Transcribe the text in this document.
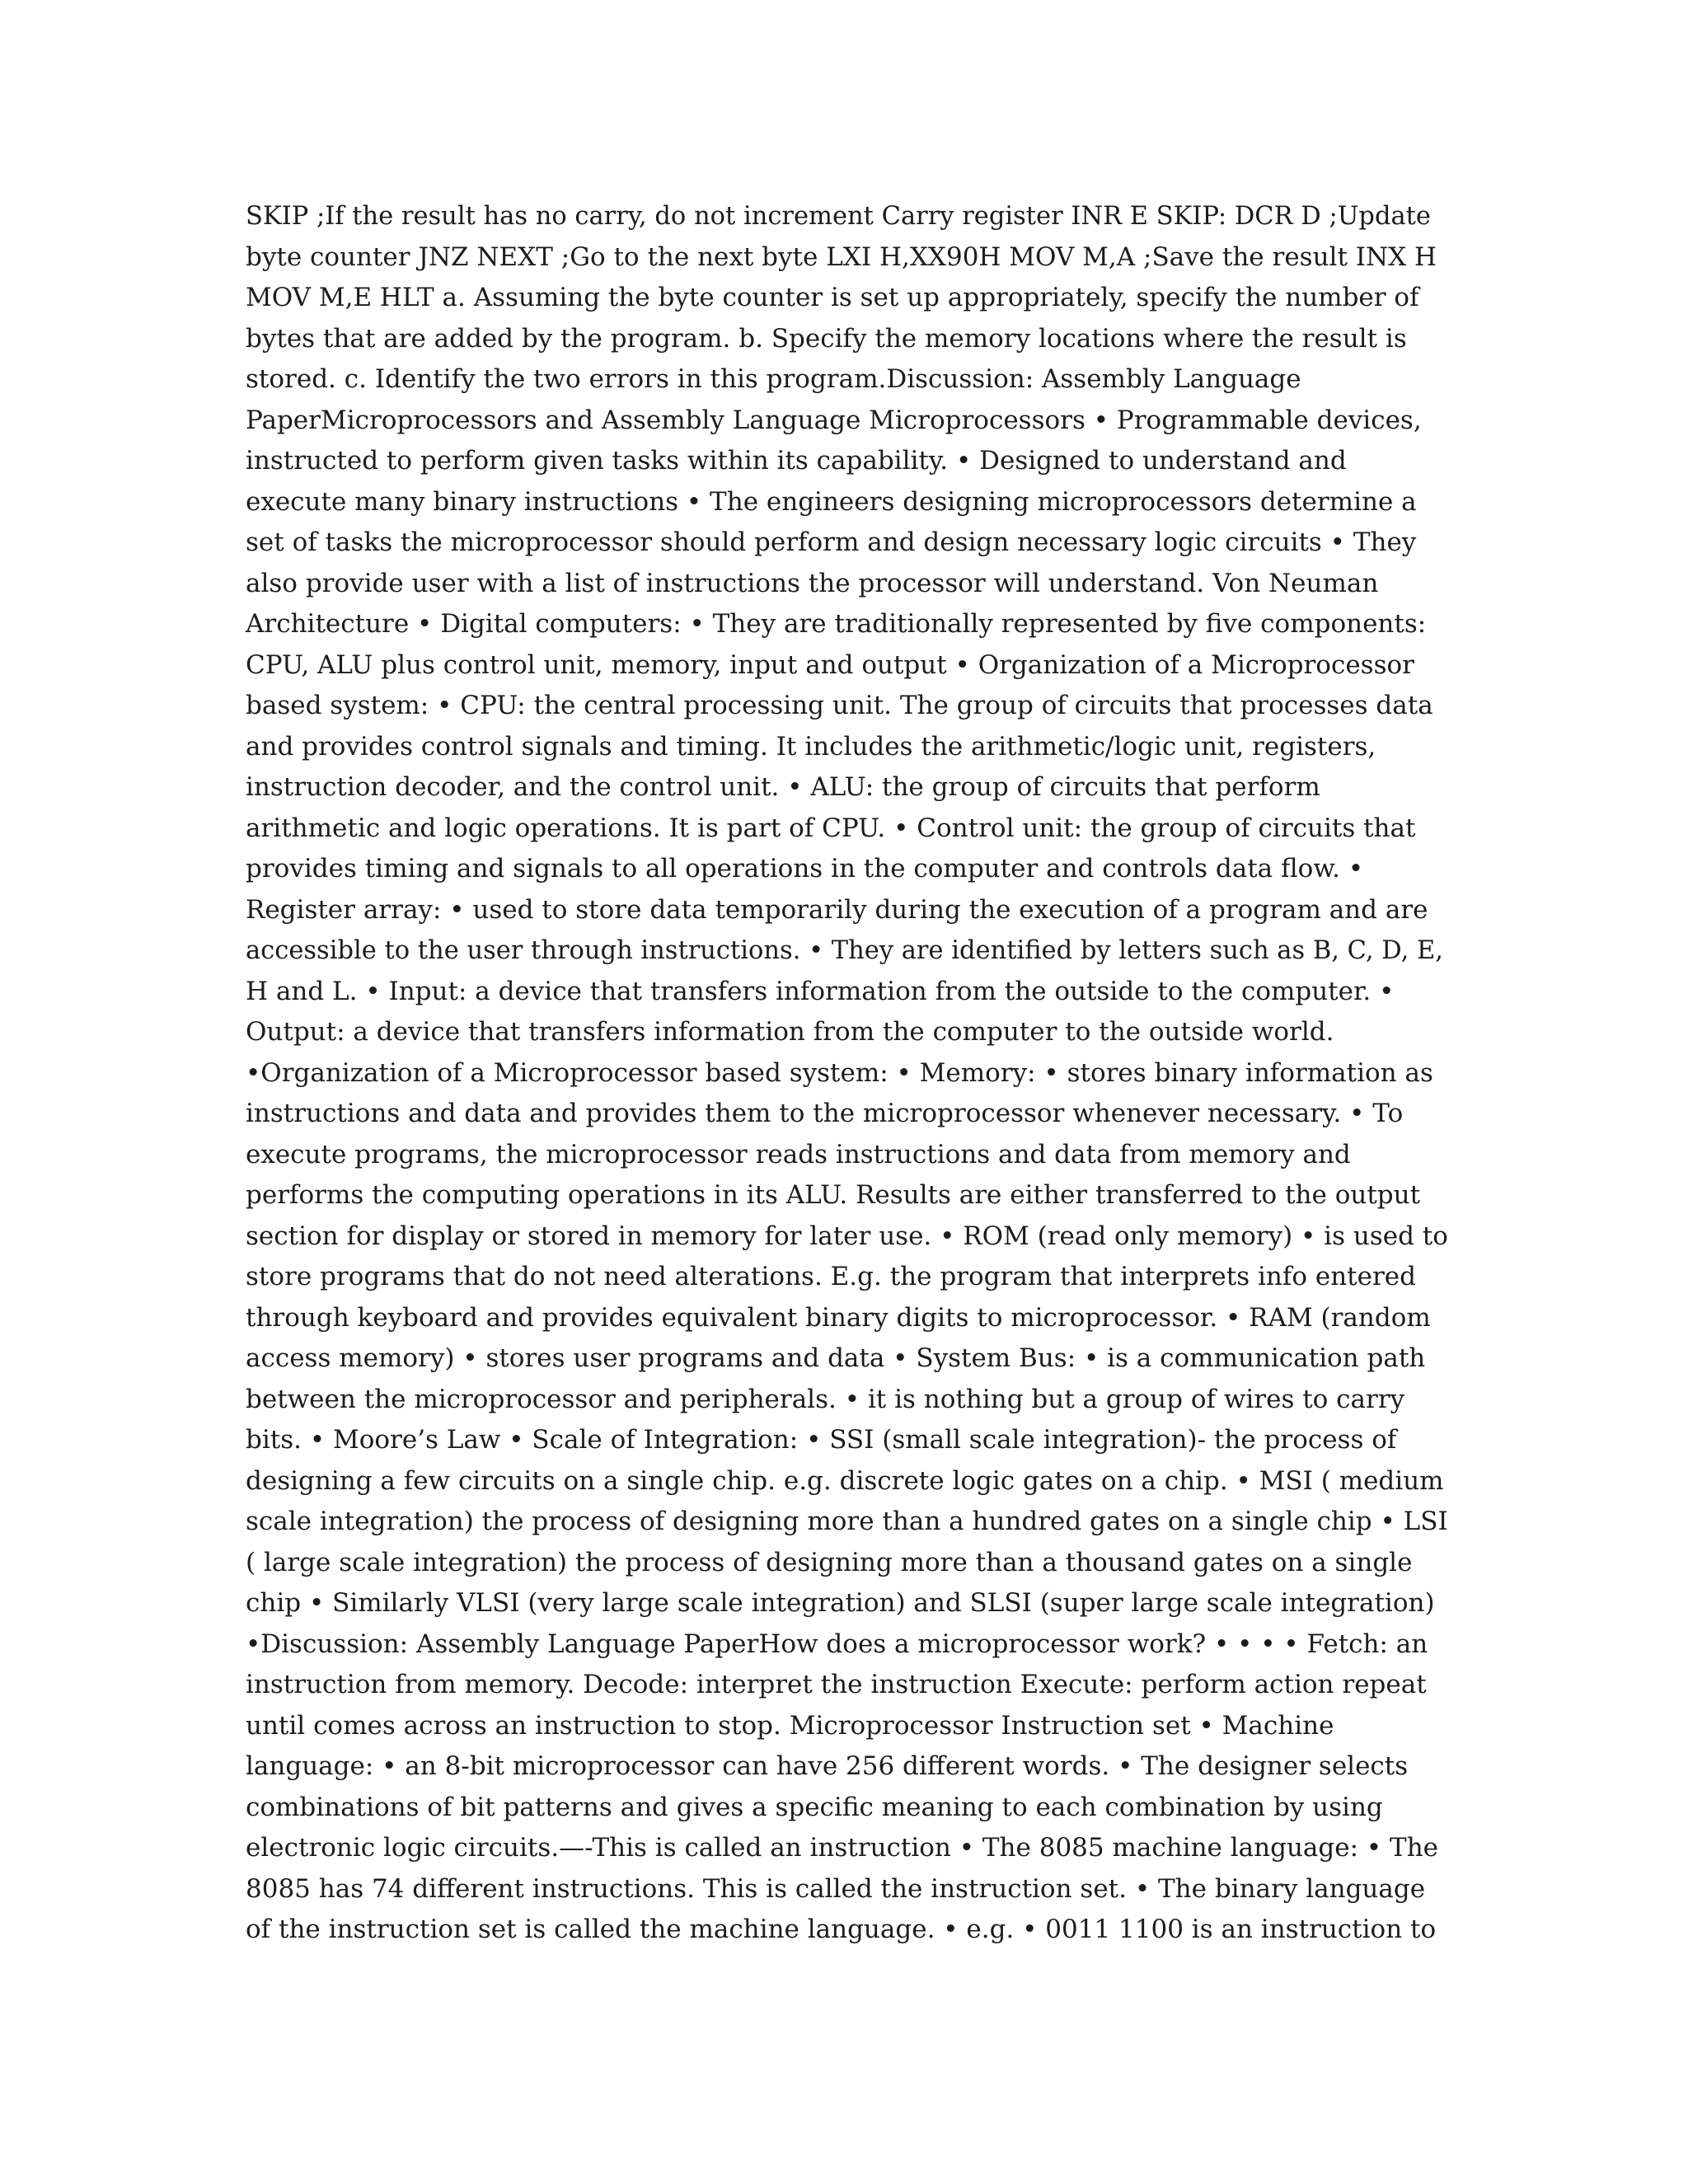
SKIP ;If the result has no carry, do not increment Carry register INR E SKIP: DCR D ;Update
byte counter JNZ NEXT ;Go to the next byte LXI H,XX90H MOV M,A ;Save the result INX H
MOV M,E HLT a. Assuming the byte counter is set up appropriately, specify the number of
bytes that are added by the program. b. Specify the memory locations where the result is
stored. c. Identify the two errors in this program.Discussion: Assembly Language
PaperMicroprocessors and Assembly Language Microprocessors • Programmable devices,
instructed to perform given tasks within its capability. • Designed to understand and
execute many binary instructions • The engineers designing microprocessors determine a
set of tasks the microprocessor should perform and design necessary logic circuits • They
also provide user with a list of instructions the processor will understand. Von Neuman
Architecture • Digital computers: • They are traditionally represented by five components:
CPU, ALU plus control unit, memory, input and output • Organization of a Microprocessor
based system: • CPU: the central processing unit. The group of circuits that processes data
and provides control signals and timing. It includes the arithmetic/logic unit, registers,
instruction decoder, and the control unit. • ALU: the group of circuits that perform
arithmetic and logic operations. It is part of CPU. • Control unit: the group of circuits that
provides timing and signals to all operations in the computer and controls data flow. •
Register array: • used to store data temporarily during the execution of a program and are
accessible to the user through instructions. • They are identified by letters such as B, C, D, E,
H and L. • Input: a device that transfers information from the outside to the computer. •
Output: a device that transfers information from the computer to the outside world.
•Organization of a Microprocessor based system: • Memory: • stores binary information as
instructions and data and provides them to the microprocessor whenever necessary. • To
execute programs, the microprocessor reads instructions and data from memory and
performs the computing operations in its ALU. Results are either transferred to the output
section for display or stored in memory for later use. • ROM (read only memory) • is used to
store programs that do not need alterations. E.g. the program that interprets info entered
through keyboard and provides equivalent binary digits to microprocessor. • RAM (random
access memory) • stores user programs and data • System Bus: • is a communication path
between the microprocessor and peripherals. • it is nothing but a group of wires to carry
bits. • Moore’s Law • Scale of Integration: • SSI (small scale integration)- the process of
designing a few circuits on a single chip. e.g. discrete logic gates on a chip. • MSI ( medium
scale integration) the process of designing more than a hundred gates on a single chip • LSI
( large scale integration) the process of designing more than a thousand gates on a single
chip • Similarly VLSI (very large scale integration) and SLSI (super large scale integration)
•Discussion: Assembly Language PaperHow does a microprocessor work? • • • • Fetch: an
instruction from memory. Decode: interpret the instruction Execute: perform action repeat
until comes across an instruction to stop. Microprocessor Instruction set • Machine
language: • an 8-bit microprocessor can have 256 different words. • The designer selects
combinations of bit patterns and gives a specific meaning to each combination by using
electronic logic circuits.—-This is called an instruction • The 8085 machine language: • The
8085 has 74 different instructions. This is called the instruction set. • The binary language
of the instruction set is called the machine language. • e.g. • 0011 1100 is an instruction to
